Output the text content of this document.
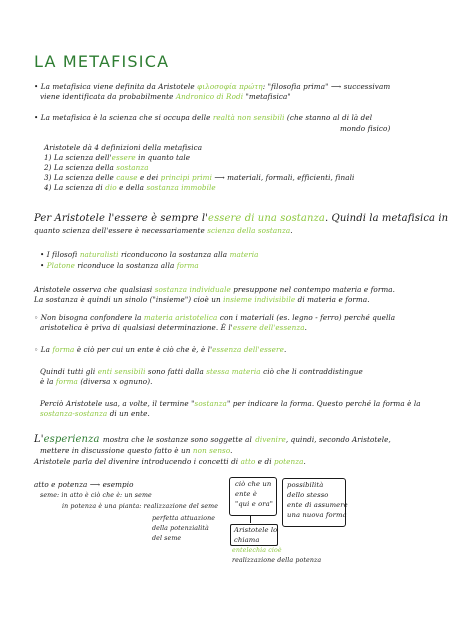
LA METAFISICA
• La metafisica viene definita da Aristotele φιλοσοφία πρώτη: "filosofia prima" ⟶ successivam
viene identificata da probabilmente Andronico di Rodi "metafisica"
• La metafisica è la scienza che si occupa delle realtà non sensibili (che stanno al di là del
mondo fisico)
Aristotele dà 4 definizioni della metafisica
1) La scienza dell'essere in quanto tale
2) La scienza della sostanza
3) La scienza delle cause e dei principi primi ⟶ materiali, formali, efficienti, finali
4) La scienza di dio e della sostanza immobile
Per Aristotele l'essere è sempre l'essere di una sostanza. Quindi la metafisica in
quanto scienza dell'essere è necessariamente scienza della sostanza.
• I filosofi naturalisti riconducono la sostanza alla materia
• Platone riconduce la sostanza alla forma
Aristotele osserva che qualsiasi sostanza individuale presuppone nel contempo materia e forma.
La sostanza è quindi un sinolo ("insieme") cioè un insieme indivisibile di materia e forma.
◦ Non bisogna confondere la materia aristotelica con i materiali (es. legno - ferro) perché quella
aristotelica è priva di qualsiasi determinazione. È l'essere dell'essenza.
◦ La forma è ciò per cui un ente è ciò che è, è l'essenza dell'essere.
Quindi tutti gli enti sensibili sono fatti dalla stessa materia ciò che li contraddistingue
è la forma (diversa x ognuno).
Perciò Aristotele usa, a volte, il termine "sostanza" per indicare la forma. Questo perché la forma è la
sostanza-sostanza di un ente.
L'esperienza mostra che le sostanze sono soggette al divenire, quindi, secondo Aristotele,
mettere in discussione questo fatto è un non senso.
Aristotele parla del divenire introducendo i concetti di atto e di potenza.
atto e potenza ⟶ esempio
seme: in atto è ciò che è: un seme
in potenza è una pianta: realizzazione del seme
perfetta attuazione
della potenzialità
del seme
ciò che un
ente è
"qui e ora"
possibilità
dello stesso
ente di assumere
una nuova forma
Aristotele lo
chiama
entelechia cioè
realizzazione della potenza
